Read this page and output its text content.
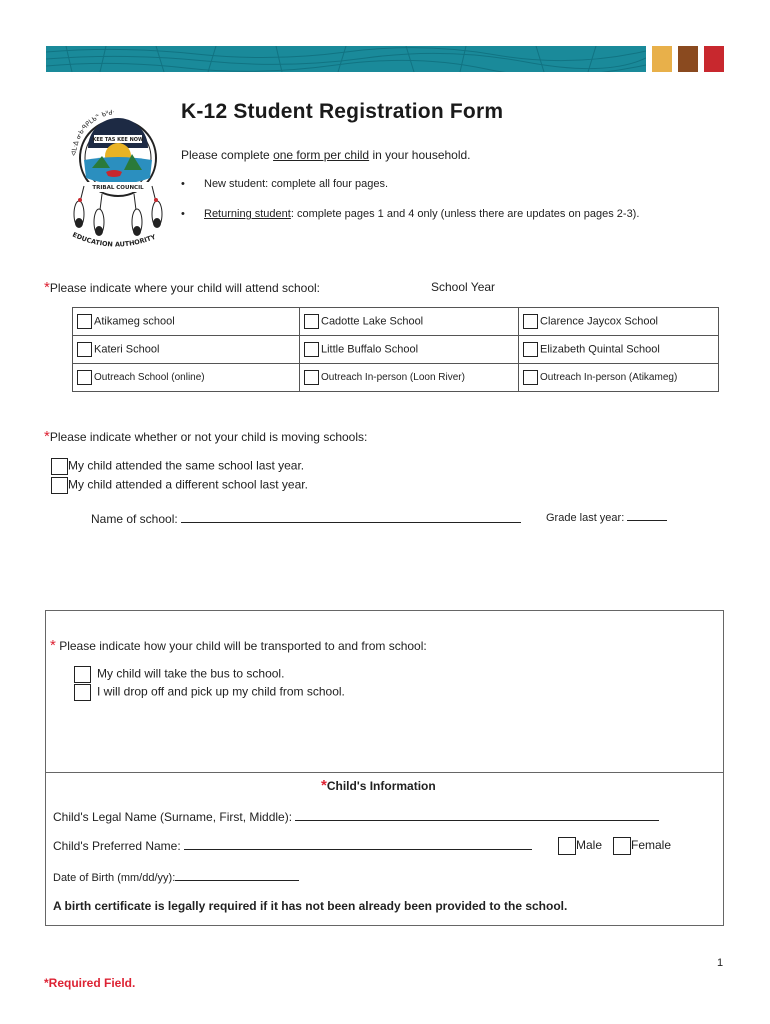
ᐊᒪᐧᐃ ᓂᑲᐧᑫᑭᒪᑲᓐ ᑲᐦᑯᐧ
TRIBAL COUNCIL
KEE TAS KEE NOW
EDUCATION AUTHORITY
K-12 Student Registration Form
Please complete one form per child in your household.
• New student: complete all four pages.
• Returning student: complete pages 1 and 4 only (unless there are updates on pages 2-3).
*Please indicate where your child will attend school:	School Year
Atikameg school	Cadotte Lake School	Clarence Jaycox School
Kateri School	Little Buffalo School	Elizabeth Quintal School
Outreach School (online)	Outreach In-person (Loon River)	Outreach In-person (Atikameg)
*Please indicate whether or not your child is moving schools:
My child attended the same school last year.
My child attended a different school last year.
Name of school:	Grade last year:
* Please indicate how your child will be transported to and from school:
My child will take the bus to school.
I will drop off and pick up my child from school.
*Child's Information
Child's Legal Name (Surname, First, Middle):
Child's Preferred Name:	Male	Female
Date of Birth (mm/dd/yy):
A birth certificate is legally required if it has not been already been provided to the school.
1
*Required Field.
